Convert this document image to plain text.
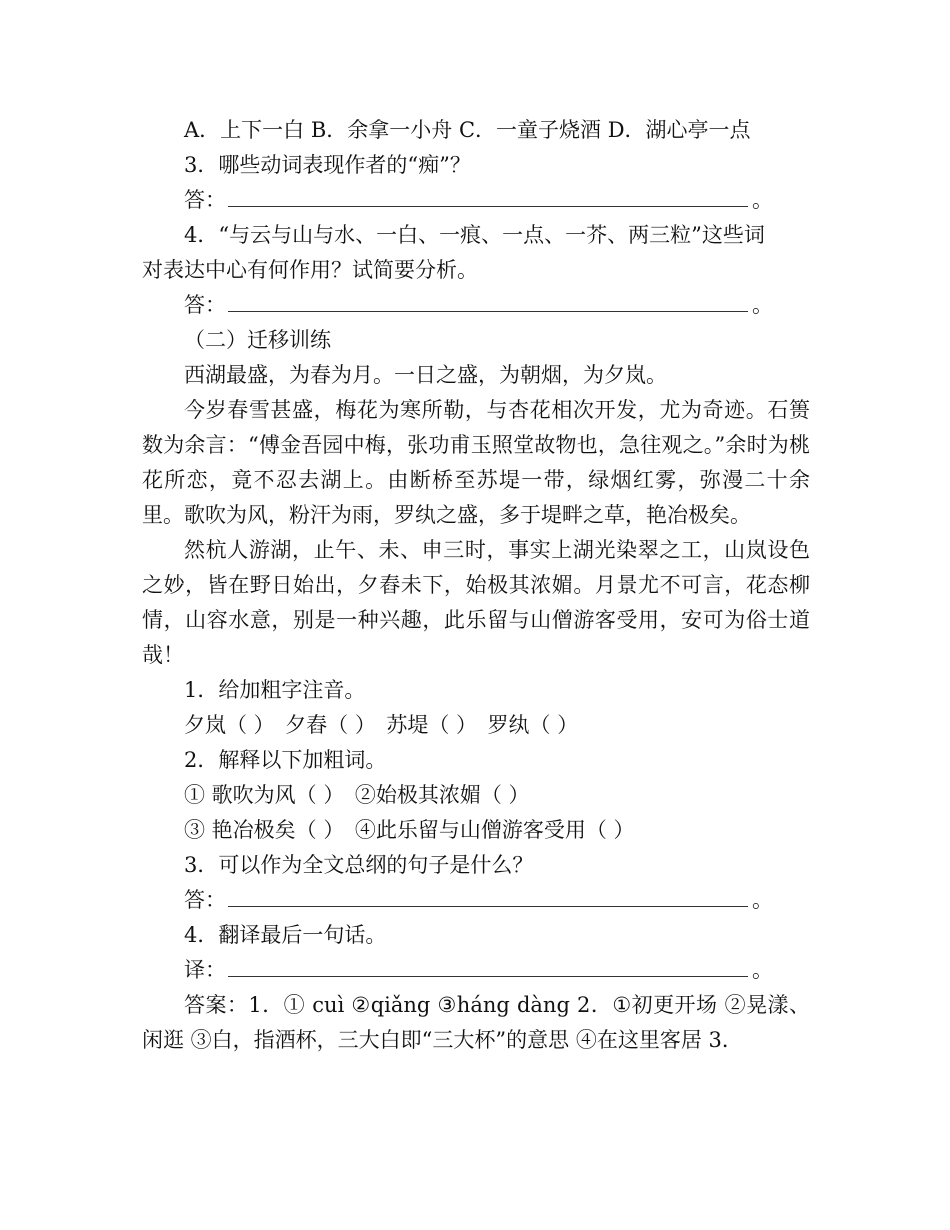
A．上下一白 B．余拿一小舟 C．一童子烧酒 D．湖心亭一点
3．哪些动词表现作者的“痴”？
答：	。
4．“与云与山与水、一白、一痕、一点、一芥、两三粒”这些词
对表达中心有何作用？试简要分析。
答：	。
（二）迁移训练
西湖最盛，为春为月。一日之盛，为朝烟，为夕岚。
今岁春雪甚盛，梅花为寒所勒，与杏花相次开发，尤为奇迹。石篑数为余言：“傅金吾园中梅，张功甫玉照堂故物也，急往观之。”余时为桃花所恋，竟不忍去湖上。由断桥至苏堤一带，绿烟红雾，弥漫二十余里。歌吹为风，粉汗为雨，罗纨之盛，多于堤畔之草，艳冶极矣。
然杭人游湖，止午、未、申三时，事实上湖光染翠之工，山岚设色之妙，皆在野日始出，夕舂未下，始极其浓媚。月景尤不可言，花态柳情，山容水意，别是一种兴趣，此乐留与山僧游客受用，安可为俗士道哉！
1．给加粗字注音。
夕岚（ ）　夕舂（ ）　苏堤（ ）　罗纨（ ）
2．解释以下加粗词。
① 歌吹为风（ ）　②始极其浓媚（ ）
③ 艳冶极矣（ ）　④此乐留与山僧游客受用（ ）
3．可以作为全文总纲的句子是什么？
答：	。
4．翻译最后一句话。
译：	。
答案：1．① cuì ②qiǎng ③háng dàng 2．①初更开场 ②晃漾、闲逛 ③白，指酒杯，三大白即“三大杯”的意思 ④在这里客居 3．
